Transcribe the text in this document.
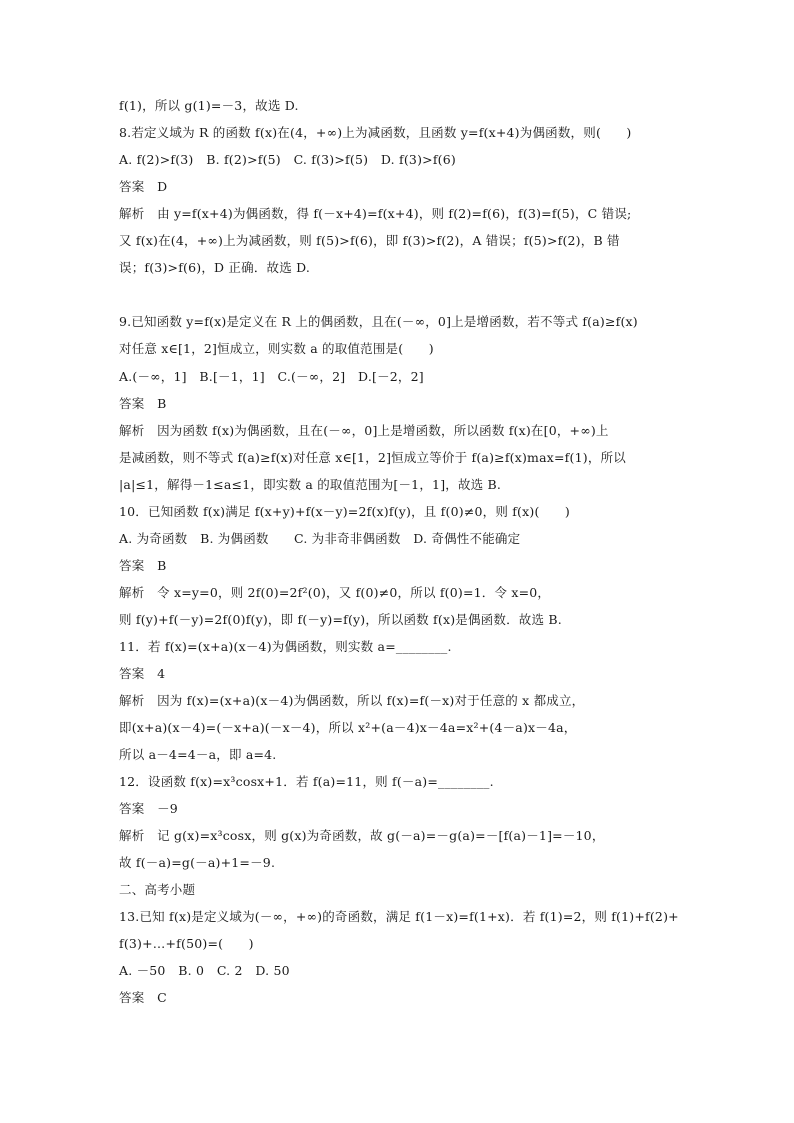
f(1)，所以 g(1)=－3，故选 D.
8.若定义域为 R 的函数 f(x)在(4，+∞)上为减函数，且函数 y=f(x+4)为偶函数，则(　　)
A. f(2)>f(3)　B. f(2)>f(5)　C. f(3)>f(5)　D. f(3)>f(6)
答案　D
解析　由 y=f(x+4)为偶函数，得 f(－x+4)=f(x+4)，则 f(2)=f(6)，f(3)=f(5)，C 错误;
又 f(x)在(4，+∞)上为减函数，则 f(5)>f(6)，即 f(3)>f(2)，A 错误；f(5)>f(2)，B 错
误；f(3)>f(6)，D 正确．故选 D.
9.已知函数 y=f(x)是定义在 R 上的偶函数，且在(－∞，0]上是增函数，若不等式 f(a)≥f(x)
对任意 x∈[1，2]恒成立，则实数 a 的取值范围是(　　)
A.(－∞，1]　B.[－1，1]　C.(－∞，2]　D.[－2，2]
答案　B
解析　因为函数 f(x)为偶函数，且在(－∞，0]上是增函数，所以函数 f(x)在[0，+∞)上
是减函数，则不等式 f(a)≥f(x)对任意 x∈[1，2]恒成立等价于 f(a)≥f(x)max=f(1)，所以
|a|≤1，解得－1≤a≤1，即实数 a 的取值范围为[－1，1]，故选 B.
10．已知函数 f(x)满足 f(x+y)+f(x－y)=2f(x)f(y)，且 f(0)≠0，则 f(x)(　　)
A. 为奇函数　B. 为偶函数　　C. 为非奇非偶函数　D. 奇偶性不能确定
答案　B
解析　令 x=y=0，则 2f(0)=2f²(0)，又 f(0)≠0，所以 f(0)=1．令 x=0，
则 f(y)+f(－y)=2f(0)f(y)，即 f(－y)=f(y)，所以函数 f(x)是偶函数．故选 B.
11．若 f(x)=(x+a)(x－4)为偶函数，则实数 a=________.
答案　4
解析　因为 f(x)=(x+a)(x－4)为偶函数，所以 f(x)=f(－x)对于任意的 x 都成立，
即(x+a)(x－4)=(－x+a)(－x－4)，所以 x²+(a－4)x－4a=x²+(4－a)x－4a，
所以 a－4=4－a，即 a=4.
12．设函数 f(x)=x³cosx+1．若 f(a)=11，则 f(－a)=________.
答案　－9
解析　记 g(x)=x³cosx，则 g(x)为奇函数，故 g(－a)=－g(a)=－[f(a)－1]=－10，
故 f(－a)=g(－a)+1=－9.
二、高考小题
13.已知 f(x)是定义域为(－∞，+∞)的奇函数，满足 f(1－x)=f(1+x)．若 f(1)=2，则 f(1)+f(2)+
f(3)+…+f(50)=(　　)
A. －50　B. 0　C. 2　D. 50
答案　C
